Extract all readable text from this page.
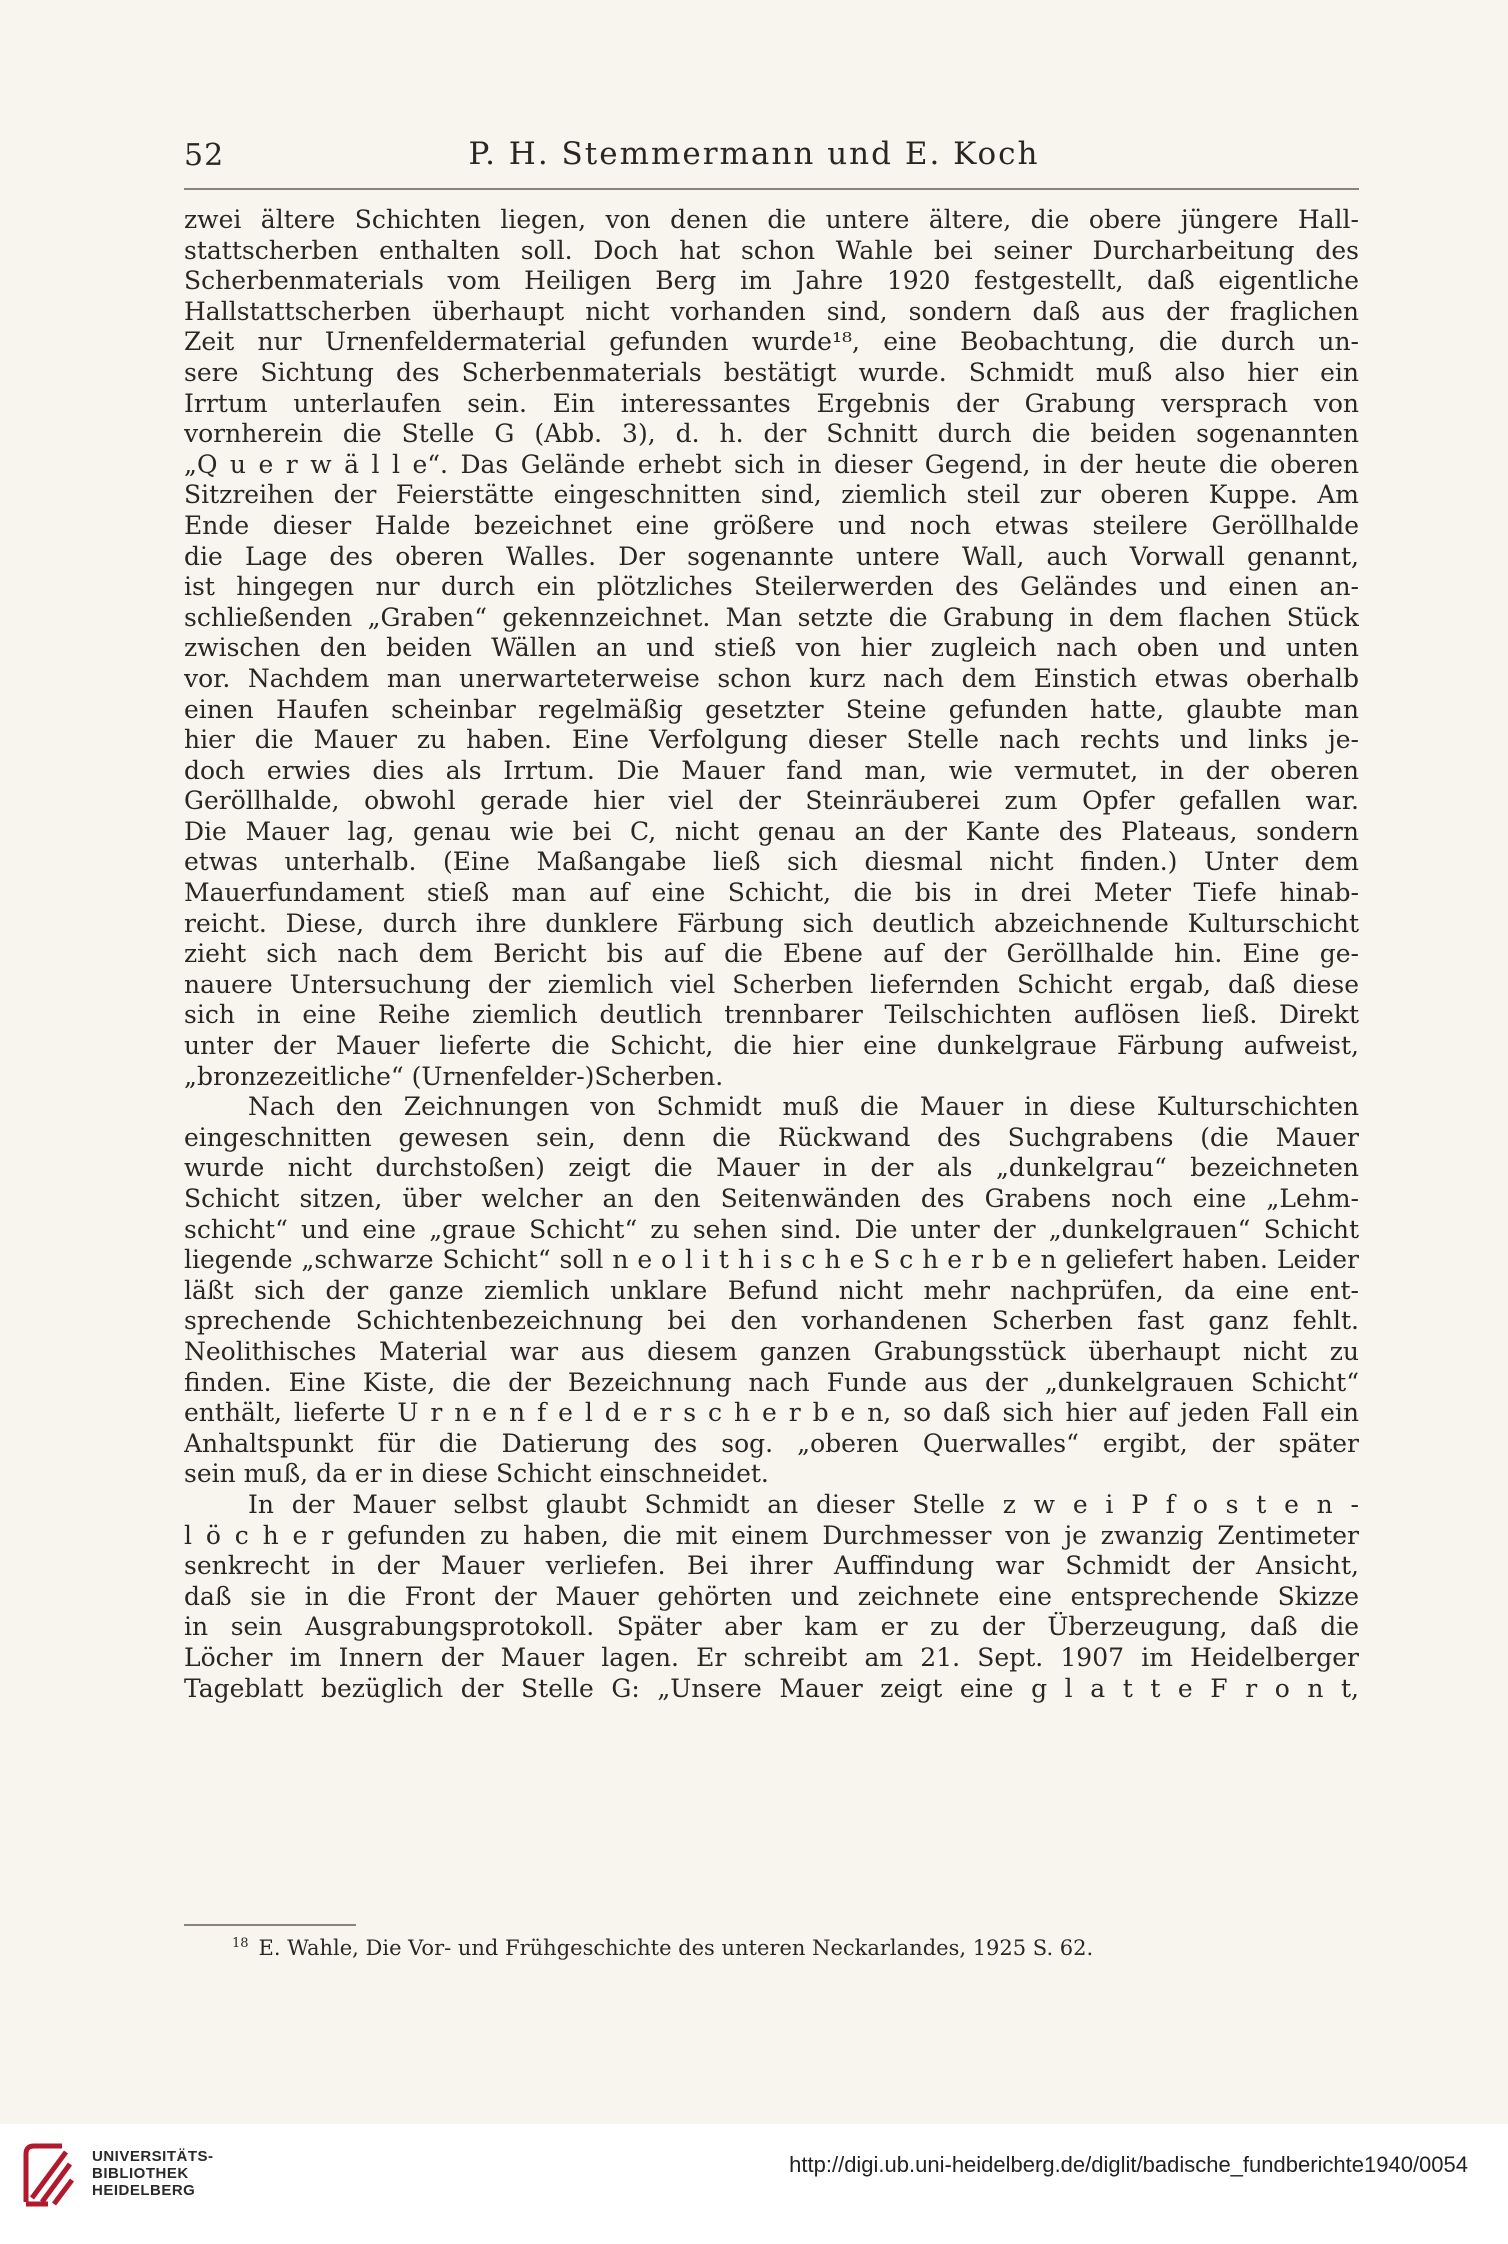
52	P. H. Stemmermann und E. Koch
zwei ältere Schichten liegen, von denen die untere ältere, die obere jüngere Hall-
stattscherben enthalten soll. Doch hat schon Wahle bei seiner Durcharbeitung des
Scherbenmaterials vom Heiligen Berg im Jahre 1920 festgestellt, daß eigentliche
Hallstattscherben überhaupt nicht vorhanden sind, sondern daß aus der fraglichen
Zeit nur Urnenfeldermaterial gefunden wurde¹⁸, eine Beobachtung, die durch un-
sere Sichtung des Scherbenmaterials bestätigt wurde. Schmidt muß also hier ein
Irrtum unterlaufen sein. Ein interessantes Ergebnis der Grabung versprach von
vornherein die Stelle G (Abb. 3), d. h. der Schnitt durch die beiden sogenannten
„Q u e r w ä l l e“. Das Gelände erhebt sich in dieser Gegend, in der heute die oberen
Sitzreihen der Feierstätte eingeschnitten sind, ziemlich steil zur oberen Kuppe. Am
Ende dieser Halde bezeichnet eine größere und noch etwas steilere Geröllhalde
die Lage des oberen Walles. Der sogenannte untere Wall, auch Vorwall genannt,
ist hingegen nur durch ein plötzliches Steilerwerden des Geländes und einen an-
schließenden „Graben“ gekennzeichnet. Man setzte die Grabung in dem flachen Stück
zwischen den beiden Wällen an und stieß von hier zugleich nach oben und unten
vor. Nachdem man unerwarteterweise schon kurz nach dem Einstich etwas oberhalb
einen Haufen scheinbar regelmäßig gesetzter Steine gefunden hatte, glaubte man
hier die Mauer zu haben. Eine Verfolgung dieser Stelle nach rechts und links je-
doch erwies dies als Irrtum. Die Mauer fand man, wie vermutet, in der oberen
Geröllhalde, obwohl gerade hier viel der Steinräuberei zum Opfer gefallen war.
Die Mauer lag, genau wie bei C, nicht genau an der Kante des Plateaus, sondern
etwas unterhalb. (Eine Maßangabe ließ sich diesmal nicht finden.) Unter dem
Mauerfundament stieß man auf eine Schicht, die bis in drei Meter Tiefe hinab-
reicht. Diese, durch ihre dunklere Färbung sich deutlich abzeichnende Kulturschicht
zieht sich nach dem Bericht bis auf die Ebene auf der Geröllhalde hin. Eine ge-
nauere Untersuchung der ziemlich viel Scherben liefernden Schicht ergab, daß diese
sich in eine Reihe ziemlich deutlich trennbarer Teilschichten auflösen ließ. Direkt
unter der Mauer lieferte die Schicht, die hier eine dunkelgraue Färbung aufweist,
„bronzezeitliche“ (Urnenfelder-)Scherben.
Nach den Zeichnungen von Schmidt muß die Mauer in diese Kulturschichten
eingeschnitten gewesen sein, denn die Rückwand des Suchgrabens (die Mauer
wurde nicht durchstoßen) zeigt die Mauer in der als „dunkelgrau“ bezeichneten
Schicht sitzen, über welcher an den Seitenwänden des Grabens noch eine „Lehm-
schicht“ und eine „graue Schicht“ zu sehen sind. Die unter der „dunkelgrauen“ Schicht
liegende „schwarze Schicht“ soll n e o l i t h i s c h e S c h e r b e n geliefert haben. Leider
läßt sich der ganze ziemlich unklare Befund nicht mehr nachprüfen, da eine ent-
sprechende Schichtenbezeichnung bei den vorhandenen Scherben fast ganz fehlt.
Neolithisches Material war aus diesem ganzen Grabungsstück überhaupt nicht zu
finden. Eine Kiste, die der Bezeichnung nach Funde aus der „dunkelgrauen Schicht“
enthält, lieferte U r n e n f e l d e r s c h e r b e n, so daß sich hier auf jeden Fall ein
Anhaltspunkt für die Datierung des sog. „oberen Querwalles“ ergibt, der später
sein muß, da er in diese Schicht einschneidet.
In der Mauer selbst glaubt Schmidt an dieser Stelle z w e i P f o s t e n -
l ö c h e r gefunden zu haben, die mit einem Durchmesser von je zwanzig Zentimeter
senkrecht in der Mauer verliefen. Bei ihrer Auffindung war Schmidt der Ansicht,
daß sie in die Front der Mauer gehörten und zeichnete eine entsprechende Skizze
in sein Ausgrabungsprotokoll. Später aber kam er zu der Überzeugung, daß die
Löcher im Innern der Mauer lagen. Er schreibt am 21. Sept. 1907 im Heidelberger
Tageblatt bezüglich der Stelle G: „Unsere Mauer zeigt eine g l a t t e F r o n t,
$^{18}$ E. Wahle, Die Vor- und Frühgeschichte des unteren Neckarlandes, 1925 S. 62.
UNIVERSITÄTS-
BIBLIOTHEK
HEIDELBERG
http://digi.ub.uni-heidelberg.de/diglit/badische_fundberichte1940/0054
